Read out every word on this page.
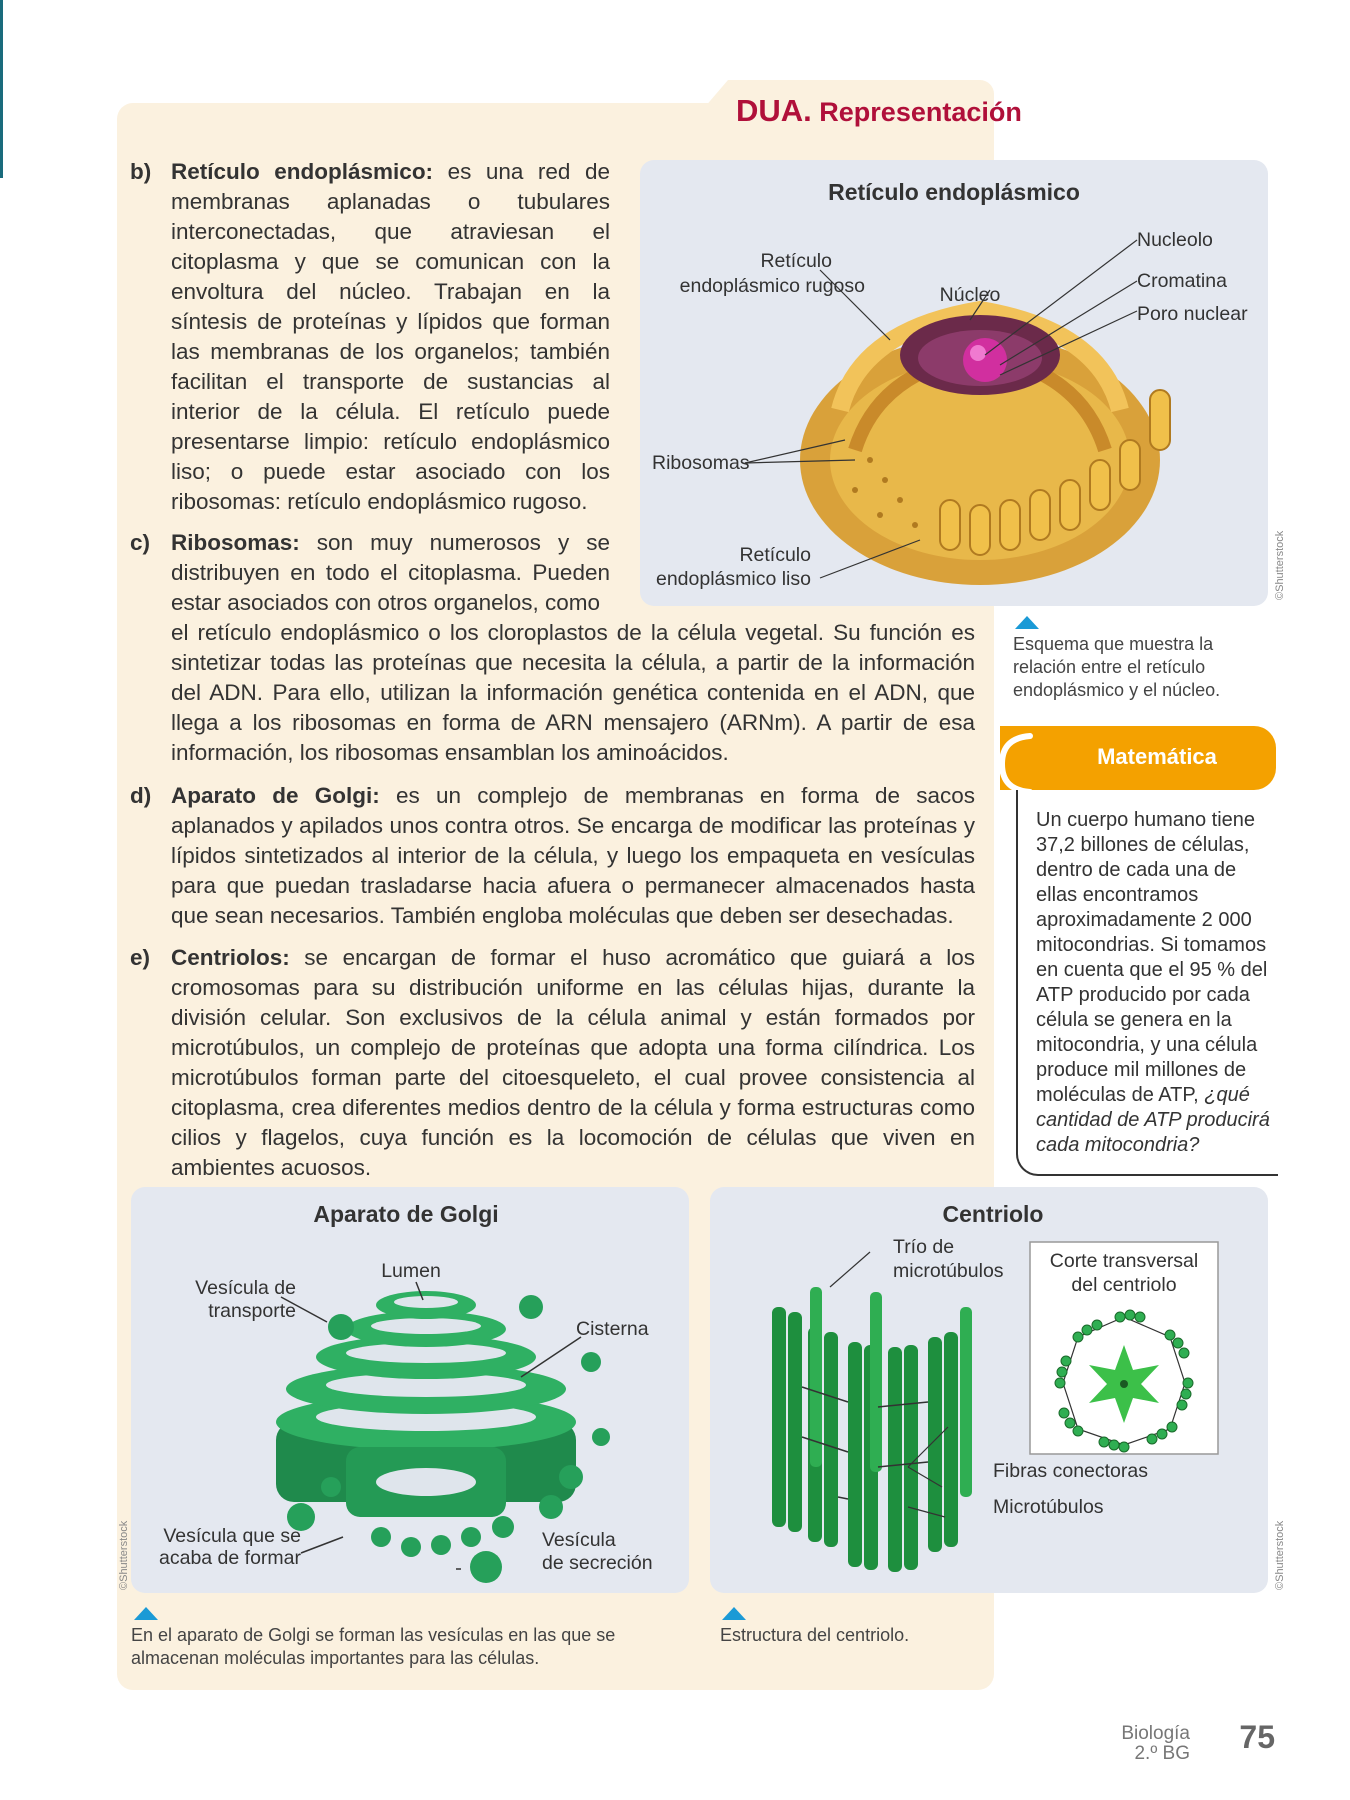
DUA. Representación
b) Retículo endoplásmico: es una red de membranas aplanadas o tubulares interconectadas, que atraviesan el citoplasma y que se comunican con la envoltura del núcleo. Trabajan en la síntesis de proteínas y lípidos que forman las membranas de los organelos; también facilitan el transporte de sustancias al interior de la célula. El retículo puede presentarse limpio: retículo endoplásmico liso; o puede estar asociado con los ribosomas: retículo endoplásmico rugoso.
c) Ribosomas: son muy numerosos y se distribuyen en todo el citoplasma. Pueden estar asociados con otros organelos, como
el retículo endoplásmico o los cloroplastos de la célula vegetal. Su función es sintetizar todas las proteínas que necesita la célula, a partir de la información del ADN. Para ello, utilizan la información genética contenida en el ADN, que llega a los ribosomas en forma de ARN mensajero (ARNm). A partir de esa información, los ribosomas ensamblan los aminoácidos.
d) Aparato de Golgi: es un complejo de membranas en forma de sacos aplanados y apilados unos contra otros. Se encarga de modificar las proteínas y lípidos sintetizados al interior de la célula, y luego los empaqueta en vesículas para que puedan trasladarse hacia afuera o permanecer almacenados hasta que sean necesarios. También engloba moléculas que deben ser desechadas.
e) Centriolos: se encargan de formar el huso acromático que guiará a los cromosomas para su distribución uniforme en las células hijas, durante la división celular. Son exclusivos de la célula animal y están formados por microtúbulos, un complejo de proteínas que adopta una forma cilíndrica. Los microtúbulos forman parte del citoesqueleto, el cual provee consistencia al citoplasma, crea diferentes medios dentro de la célula y forma estructuras como cilios y flagelos, cuya función es la locomoción de células que viven en ambientes acuosos.
Retículo endoplásmico
Nucleolo
Cromatina
Poro nuclear
Retículo
endoplásmico rugoso	Núcleo
Ribosomas
Retículo
endoplásmico liso	©Shutterstock
Esquema que muestra la relación entre el retículo endoplásmico y el núcleo.
Matemática
Un cuerpo humano tiene 37,2 billones de células, dentro de cada una de ellas encontramos aproximadamente 2 000 mitocondrias. Si tomamos en cuenta que el 95 % del ATP producido por cada célula se genera en la mitocondria, y una célula produce mil millones de moléculas de ATP, ¿qué cantidad de ATP producirá cada mitocondria?
Aparato de Golgi
Lumen
Vesícula de
transporte
Cisterna
Vesícula que se
acaba de formar
Vesícula
de secreción
©Shutterstock
En el aparato de Golgi se forman las vesículas en las que se almacenan moléculas importantes para las células.
Centriolo
Trío de
microtúbulos Corte transversal
del centriolo
Fibras conectoras
Microtúbulos
©Shutterstock
Estructura del centriolo.
Biología
2.º BG 75
